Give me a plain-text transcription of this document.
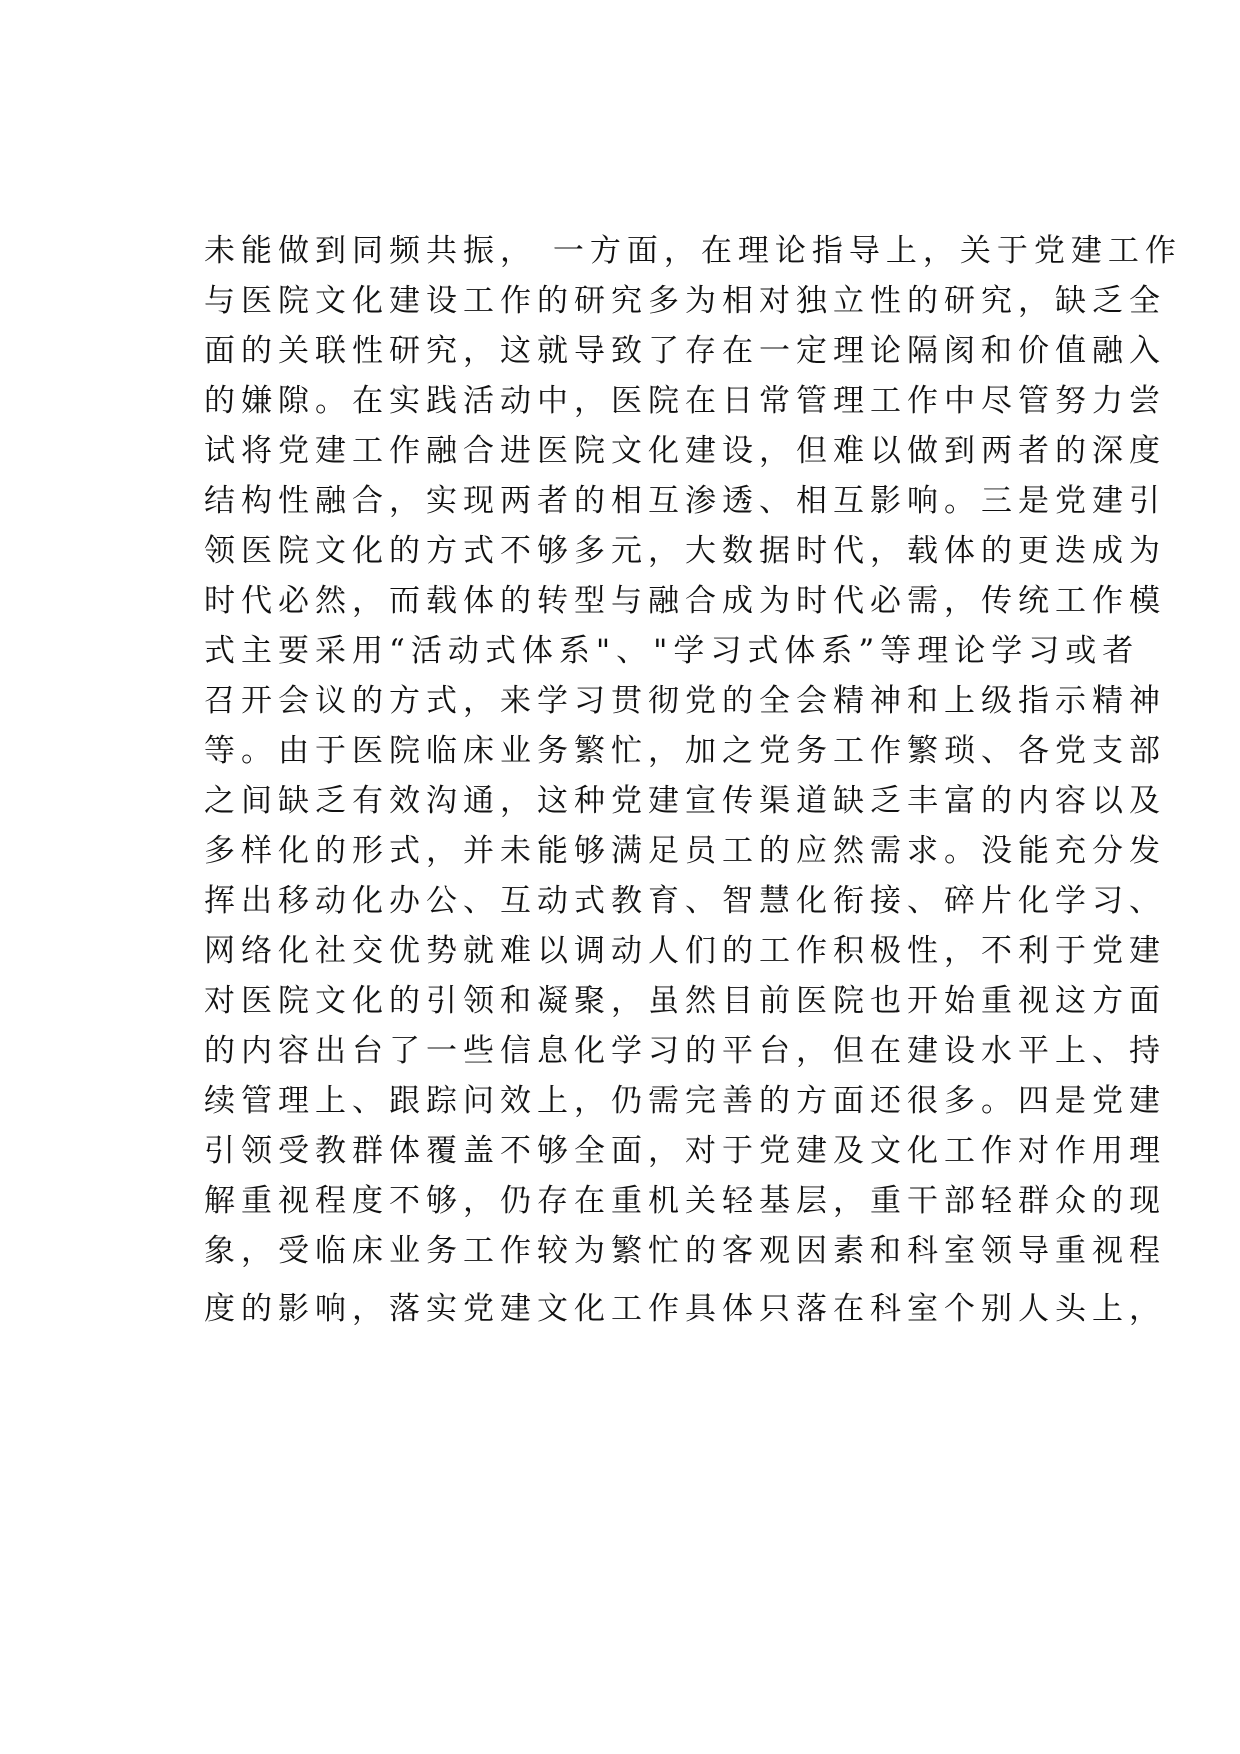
未能做到同频共振， 一方面，在理论指导上，关于党建工作
与医院文化建设工作的研究多为相对独立性的研究，缺乏全
面的关联性研究，这就导致了存在一定理论隔阂和价值融入
的嫌隙。在实践活动中，医院在日常管理工作中尽管努力尝
试将党建工作融合进医院文化建设，但难以做到两者的深度
结构性融合，实现两者的相互渗透、相互影响。三是党建引
领医院文化的方式不够多元，大数据时代，载体的更迭成为
时代必然，而载体的转型与融合成为时代必需，传统工作模
式主要采用“活动式体系"、"学习式体系”等理论学习或者
召开会议的方式，来学习贯彻党的全会精神和上级指示精神
等。由于医院临床业务繁忙，加之党务工作繁琐、各党支部
之间缺乏有效沟通，这种党建宣传渠道缺乏丰富的内容以及
多样化的形式，并未能够满足员工的应然需求。没能充分发
挥出移动化办公、互动式教育、智慧化衔接、碎片化学习、
网络化社交优势就难以调动人们的工作积极性，不利于党建
对医院文化的引领和凝聚，虽然目前医院也开始重视这方面
的内容出台了一些信息化学习的平台，但在建设水平上、持
续管理上、跟踪问效上，仍需完善的方面还很多。四是党建
引领受教群体覆盖不够全面，对于党建及文化工作对作用理
解重视程度不够，仍存在重机关轻基层，重干部轻群众的现
象，受临床业务工作较为繁忙的客观因素和科室领导重视程
度的影响，落实党建文化工作具体只落在科室个别人头上，
